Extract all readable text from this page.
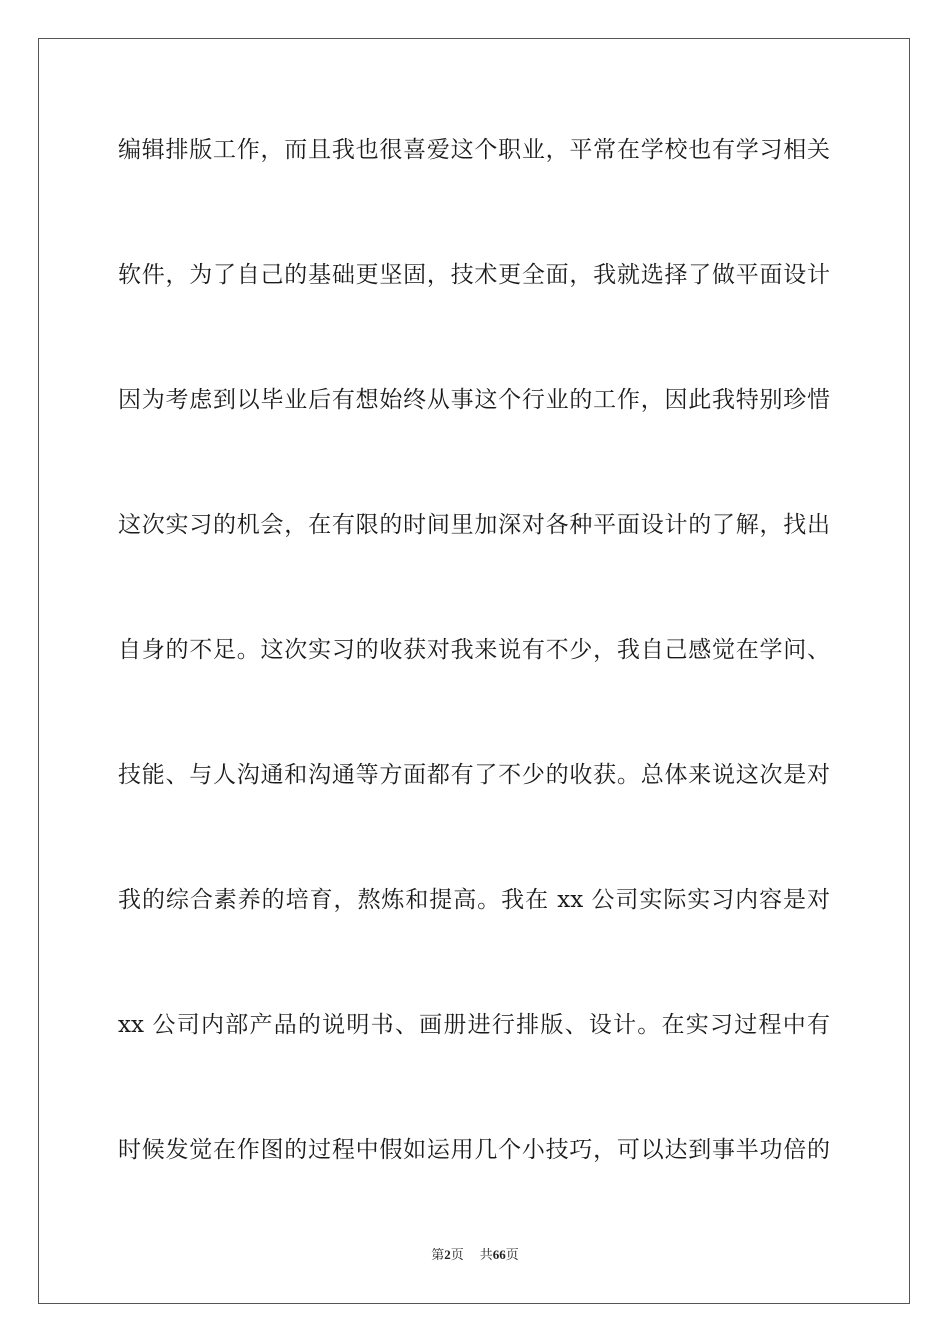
编辑排版工作，而且我也很喜爱这个职业，平常在学校也有学习相关
软件，为了自己的基础更坚固，技术更全面，我就选择了做平面设计
因为考虑到以毕业后有想始终从事这个行业的工作，因此我特别珍惜
这次实习的机会，在有限的时间里加深对各种平面设计的了解，找出
自身的不足。这次实习的收获对我来说有不少，我自己感觉在学问、
技能、与人沟通和沟通等方面都有了不少的收获。总体来说这次是对
我的综合素养的培育，熬炼和提高。我在 xx 公司实际实习内容是对
xx 公司内部产品的说明书、画册进行排版、设计。在实习过程中有
时候发觉在作图的过程中假如运用几个小技巧，可以达到事半功倍的
第2页 共66页
